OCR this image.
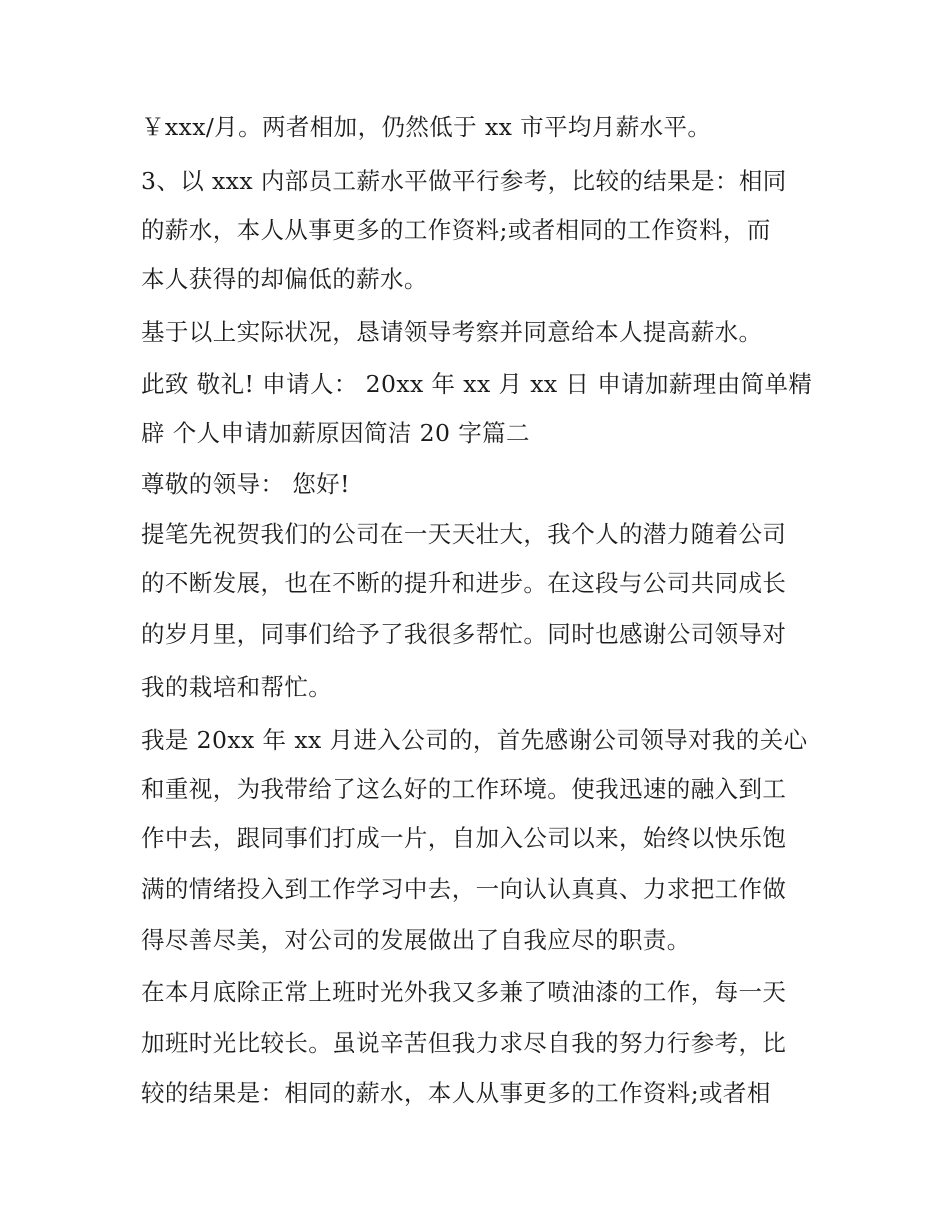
￥xxx/月。两者相加，仍然低于 xx 市平均月薪水平。
3、以 xxx 内部员工薪水平做平行参考，比较的结果是：相同
的薪水，本人从事更多的工作资料;或者相同的工作资料，而
本人获得的却偏低的薪水。
基于以上实际状况，恳请领导考察并同意给本人提高薪水。
此致 敬礼! 申请人： 20xx 年 xx 月 xx 日 申请加薪理由简单精
辟 个人申请加薪原因简洁 20 字篇二
尊敬的领导： 您好!
提笔先祝贺我们的公司在一天天壮大，我个人的潜力随着公司
的不断发展，也在不断的提升和进步。在这段与公司共同成长
的岁月里，同事们给予了我很多帮忙。同时也感谢公司领导对
我的栽培和帮忙。
我是 20xx 年 xx 月进入公司的，首先感谢公司领导对我的关心
和重视，为我带给了这么好的工作环境。使我迅速的融入到工
作中去，跟同事们打成一片，自加入公司以来，始终以快乐饱
满的情绪投入到工作学习中去，一向认认真真、力求把工作做
得尽善尽美，对公司的发展做出了自我应尽的职责。
在本月底除正常上班时光外我又多兼了喷油漆的工作，每一天
加班时光比较长。虽说辛苦但我力求尽自我的努力行参考，比
较的结果是：相同的薪水，本人从事更多的工作资料;或者相
